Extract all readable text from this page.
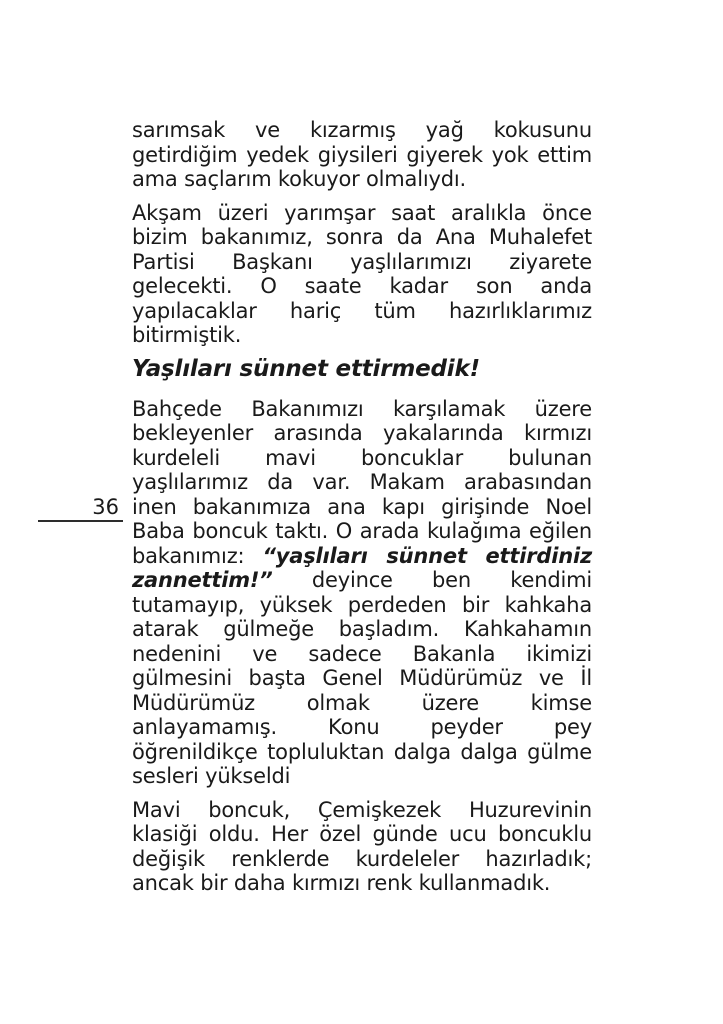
36
sarımsak ve kızarmış yağ kokusunu
getirdiğim yedek giysileri giyerek yok ettim
ama saçlarım kokuyor olmalıydı.
Akşam üzeri yarımşar saat aralıkla önce
bizim bakanımız, sonra da Ana Muhalefet
Partisi Başkanı yaşlılarımızı ziyarete
gelecekti. O saate kadar son anda
yapılacaklar hariç tüm hazırlıklarımız
bitirmiştik.
Yaşlıları sünnet ettirmedik!
Bahçede Bakanımızı karşılamak üzere
bekleyenler arasında yakalarında kırmızı
kurdeleli mavi boncuklar bulunan
yaşlılarımız da var. Makam arabasından
inen bakanımıza ana kapı girişinde Noel
Baba boncuk taktı. O arada kulağıma eğilen
bakanımız: “yaşlıları sünnet ettirdiniz
zannettim!” deyince ben kendimi
tutamayıp, yüksek perdeden bir kahkaha
atarak gülmeğe başladım. Kahkahamın
nedenini ve sadece Bakanla ikimizi
gülmesini başta Genel Müdürümüz ve İl
Müdürümüz olmak üzere kimse
anlayamamış. Konu peyder pey
öğrenildikçe topluluktan dalga dalga gülme
sesleri yükseldi
Mavi boncuk, Çemişkezek Huzurevinin
klasiği oldu. Her özel günde ucu boncuklu
değişik renklerde kurdeleler hazırladık;
ancak bir daha kırmızı renk kullanmadık.
